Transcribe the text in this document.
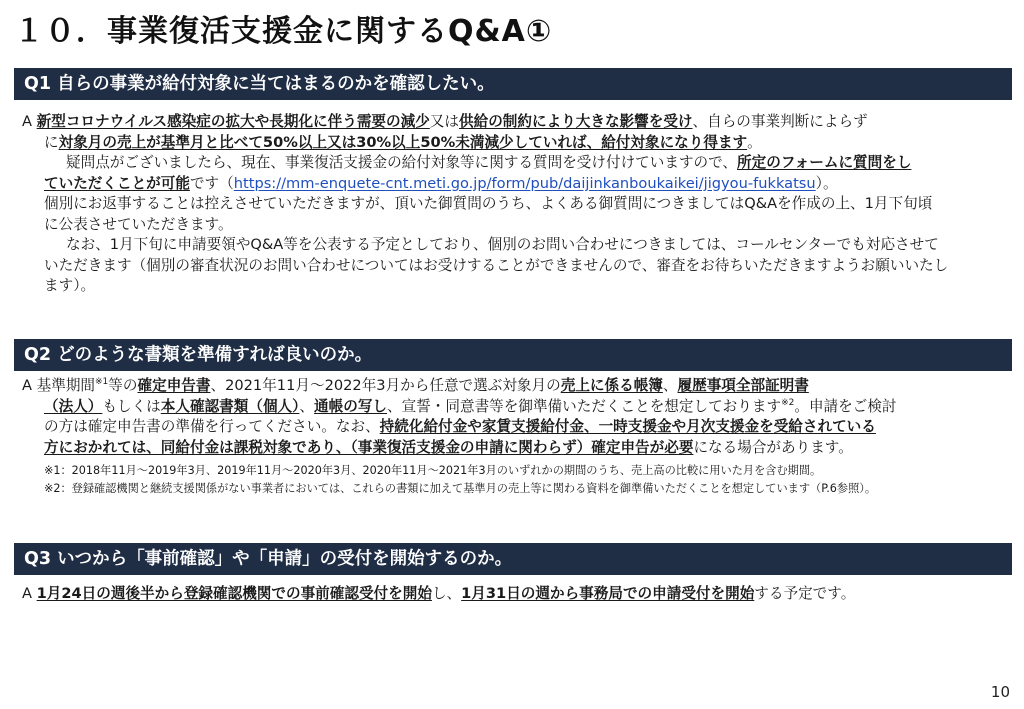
１０．事業復活支援金に関するQ&A①
Q1 自らの事業が給付対象に当てはまるのかを確認したい。
A 新型コロナウイルス感染症の拡大や長期化に伴う需要の減少又は供給の制約により大きな影響を受け、自らの事業判断によらず
に対象月の売上が基準月と比べて50%以上又は30%以上50%未満減少していれば、給付対象になり得ます。
疑問点がございましたら、現在、事業復活支援金の給付対象等に関する質問を受け付けていますので、所定のフォームに質問をし
ていただくことが可能です（https://mm-enquete-cnt.meti.go.jp/form/pub/daijinkanboukaikei/jigyou-fukkatsu）。
個別にお返事することは控えさせていただきますが、頂いた御質問のうち、よくある御質問につきましてはQ&Aを作成の上、1月下旬頃
に公表させていただきます。
なお、1月下旬に申請要領やQ&A等を公表する予定としており、個別のお問い合わせにつきましては、コールセンターでも対応させて
いただきます（個別の審査状況のお問い合わせについてはお受けすることができませんので、審査をお待ちいただきますようお願いいたし
ます）。
Q2 どのような書類を準備すれば良いのか。
A 基準期間$^{※1}$等の確定申告書、2021年11月～2022年3月から任意で選ぶ対象月の売上に係る帳簿、履歴事項全部証明書
（法人）もしくは本人確認書類（個人）、通帳の写し、宣誓・同意書等を御準備いただくことを想定しております$^{※2}$。申請をご検討
の方は確定申告書の準備を行ってください。なお、持続化給付金や家賃支援給付金、一時支援金や月次支援金を受給されている
方におかれては、同給付金は課税対象であり、（事業復活支援金の申請に関わらず）確定申告が必要になる場合があります。
※1：2018年11月～2019年3月、2019年11月～2020年3月、2020年11月～2021年3月のいずれかの期間のうち、売上高の比較に用いた月を含む期間。
※2：登録確認機関と継続支援関係がない事業者においては、これらの書類に加えて基準月の売上等に関わる資料を御準備いただくことを想定しています（P.6参照）。
Q3 いつから「事前確認」や「申請」の受付を開始するのか。
A 1月24日の週後半から登録確認機関での事前確認受付を開始し、1月31日の週から事務局での申請受付を開始する予定です。
10
